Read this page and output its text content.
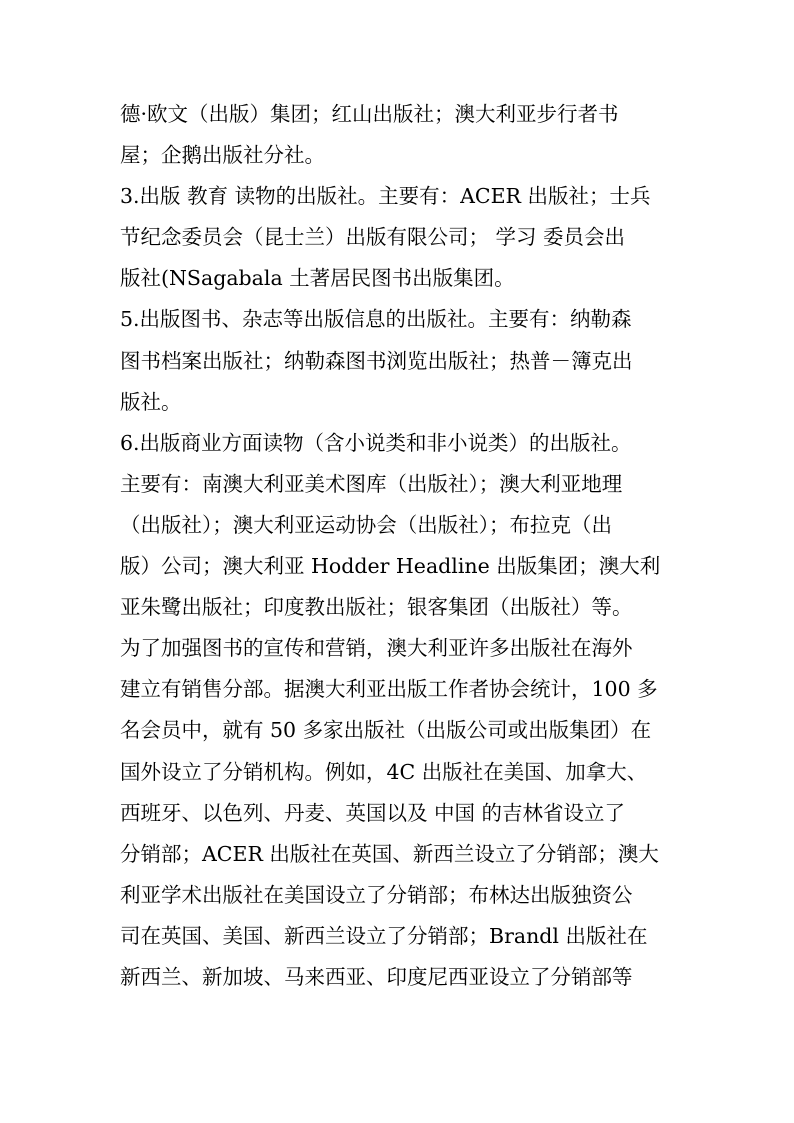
德·欧文（出版）集团；红山出版社；澳大利亚步行者书
屋；企鹅出版社分社。
3.出版 教育 读物的出版社。主要有：ACER 出版社；士兵
节纪念委员会（昆士兰）出版有限公司； 学习 委员会出
版社(NSagabala 土著居民图书出版集团。
5.出版图书、杂志等出版信息的出版社。主要有：纳勒森
图书档案出版社；纳勒森图书浏览出版社；热普－簿克出
版社。
6.出版商业方面读物（含小说类和非小说类）的出版社。
主要有：南澳大利亚美术图库（出版社）；澳大利亚地理
（出版社）；澳大利亚运动协会（出版社）；布拉克（出
版）公司；澳大利亚 Hodder Headline 出版集团；澳大利
亚朱鹭出版社；印度教出版社；银客集团（出版社）等。
为了加强图书的宣传和营销，澳大利亚许多出版社在海外
建立有销售分部。据澳大利亚出版工作者协会统计，100 多
名会员中，就有 50 多家出版社（出版公司或出版集团）在
国外设立了分销机构。例如，4C 出版社在美国、加拿大、
西班牙、以色列、丹麦、英国以及 中国 的吉林省设立了
分销部；ACER 出版社在英国、新西兰设立了分销部；澳大
利亚学术出版社在美国设立了分销部；布林达出版独资公
司在英国、美国、新西兰设立了分销部；Brandl 出版社在
新西兰、新加坡、马来西亚、印度尼西亚设立了分销部等
